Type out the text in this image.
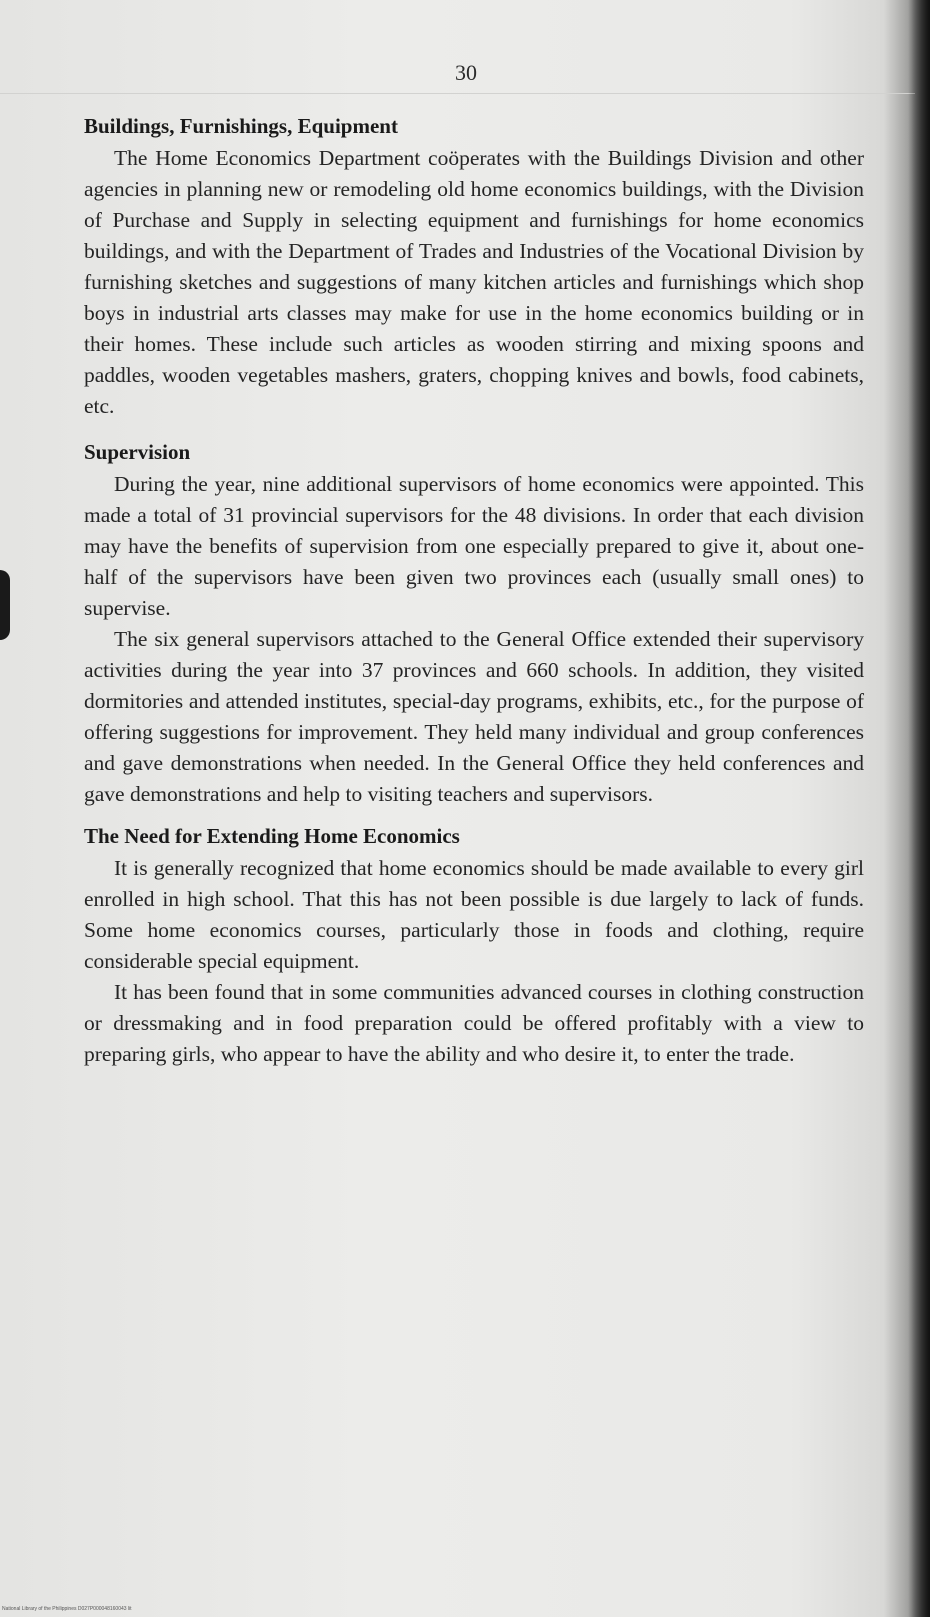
30
Buildings, Furnishings, Equipment

The Home Economics Department coöperates with the Buildings Division and other agencies in planning new or remodeling old home economics buildings, with the Division of Purchase and Supply in selecting equipment and furnishings for home economics buildings, and with the Department of Trades and Industries of the Vocational Division by furnishing sketches and suggestions of many kitchen articles and furnishings which shop boys in industrial arts classes may make for use in the home economics building or in their homes. These include such articles as wooden stirring and mixing spoons and paddles, wooden vegetables mashers, graters, chopping knives and bowls, food cabinets, etc.

Supervision

During the year, nine additional supervisors of home economics were appointed. This made a total of 31 provincial supervisors for the 48 divisions. In order that each division may have the benefits of supervision from one especially prepared to give it, about one-half of the supervisors have been given two provinces each (usually small ones) to supervise.

The six general supervisors attached to the General Office extended their supervisory activities during the year into 37 provinces and 660 schools. In addition, they visited dormitories and attended institutes, special-day programs, exhibits, etc., for the purpose of offering suggestions for improvement. They held many individual and group conferences and gave demonstrations when needed. In the General Office they held conferences and gave demonstrations and help to visiting teachers and supervisors.

The Need for Extending Home Economics

It is generally recognized that home economics should be made available to every girl enrolled in high school. That this has not been possible is due largely to lack of funds. Some home economics courses, particularly those in foods and clothing, require considerable special equipment.

It has been found that in some communities advanced courses in clothing construction or dressmaking and in food preparation could be offered profitably with a view to preparing girls, who appear to have the ability and who desire it, to enter the trade.

National Library of the Philippines D027P000048160043 lit
